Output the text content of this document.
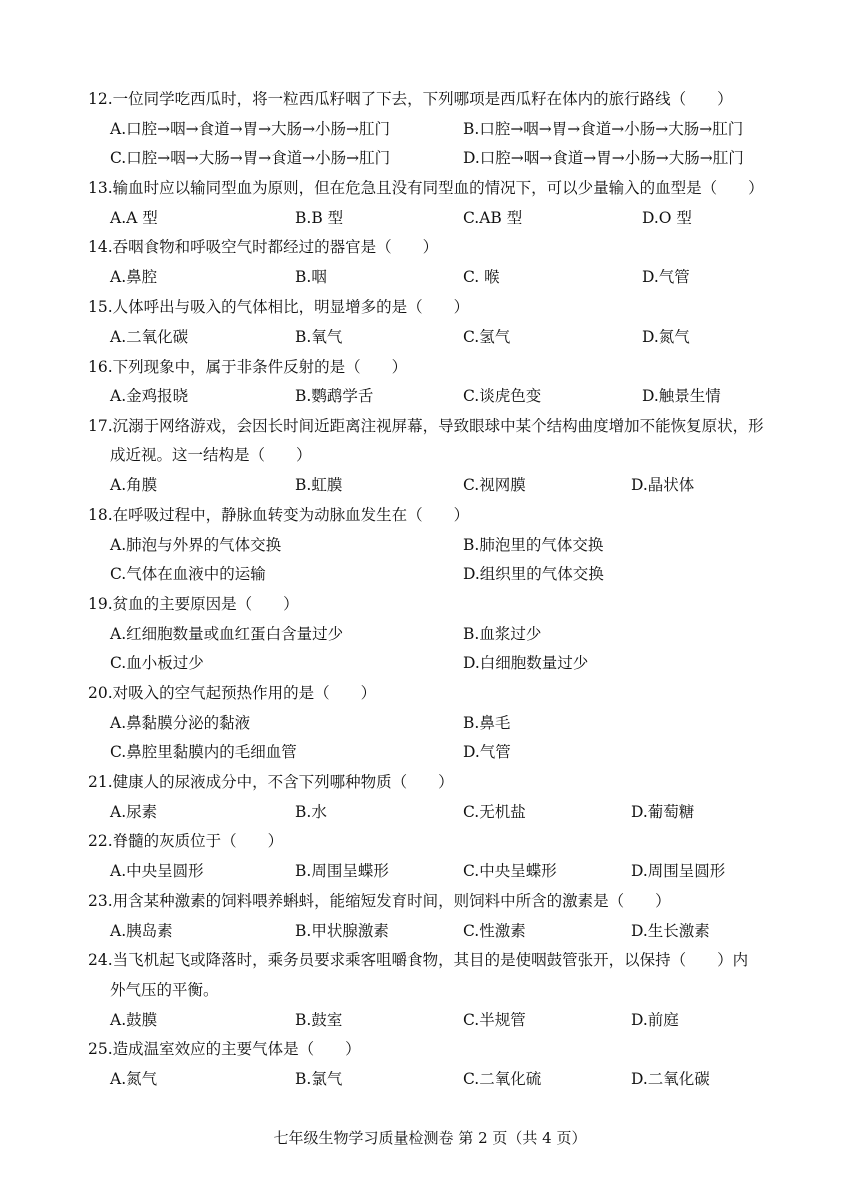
12.一位同学吃西瓜时，将一粒西瓜籽咽了下去，下列哪项是西瓜籽在体内的旅行路线（　　）
A.口腔→咽→食道→胃→大肠→小肠→肛门	B.口腔→咽→胃→食道→小肠→大肠→肛门
C.口腔→咽→大肠→胃→食道→小肠→肛门	D.口腔→咽→食道→胃→小肠→大肠→肛门
13.输血时应以输同型血为原则，但在危急且没有同型血的情况下，可以少量输入的血型是（　　）
A.A 型	B.B 型	C.AB 型	D.O 型
14.吞咽食物和呼吸空气时都经过的器官是（　　）
A.鼻腔	B.咽	C. 喉	D.气管
15.人体呼出与吸入的气体相比，明显增多的是（　　）
A.二氧化碳	B.氧气	C.氢气	D.氮气
16.下列现象中，属于非条件反射的是（　　）
A.金鸡报晓	B.鹦鹉学舌	C.谈虎色变	D.触景生情
17.沉溺于网络游戏，会因长时间近距离注视屏幕，导致眼球中某个结构曲度增加不能恢复原状，形
成近视。这一结构是（　　）
A.角膜	B.虹膜	C.视网膜	D.晶状体
18.在呼吸过程中，静脉血转变为动脉血发生在（　　）
A.肺泡与外界的气体交换	B.肺泡里的气体交换
C.气体在血液中的运输	D.组织里的气体交换
19.贫血的主要原因是（　　）
A.红细胞数量或血红蛋白含量过少	B.血浆过少
C.血小板过少	D.白细胞数量过少
20.对吸入的空气起预热作用的是（　　）
A.鼻黏膜分泌的黏液	B.鼻毛
C.鼻腔里黏膜内的毛细血管	D.气管
21.健康人的尿液成分中，不含下列哪种物质（　　）
A.尿素	B.水	C.无机盐	D.葡萄糖
22.脊髓的灰质位于（　　）
A.中央呈圆形	B.周围呈蝶形	C.中央呈蝶形	D.周围呈圆形
23.用含某种激素的饲料喂养蝌蚪，能缩短发育时间，则饲料中所含的激素是（　　）
A.胰岛素	B.甲状腺激素	C.性激素	D.生长激素
24.当飞机起飞或降落时，乘务员要求乘客咀嚼食物，其目的是使咽鼓管张开，以保持（　　）内
外气压的平衡。
A.鼓膜	B.鼓室	C.半规管	D.前庭
25.造成温室效应的主要气体是（　　）
A.氮气	B.氯气	C.二氧化硫	D.二氧化碳
七年级生物学习质量检测卷 第 2 页（共 4 页）
